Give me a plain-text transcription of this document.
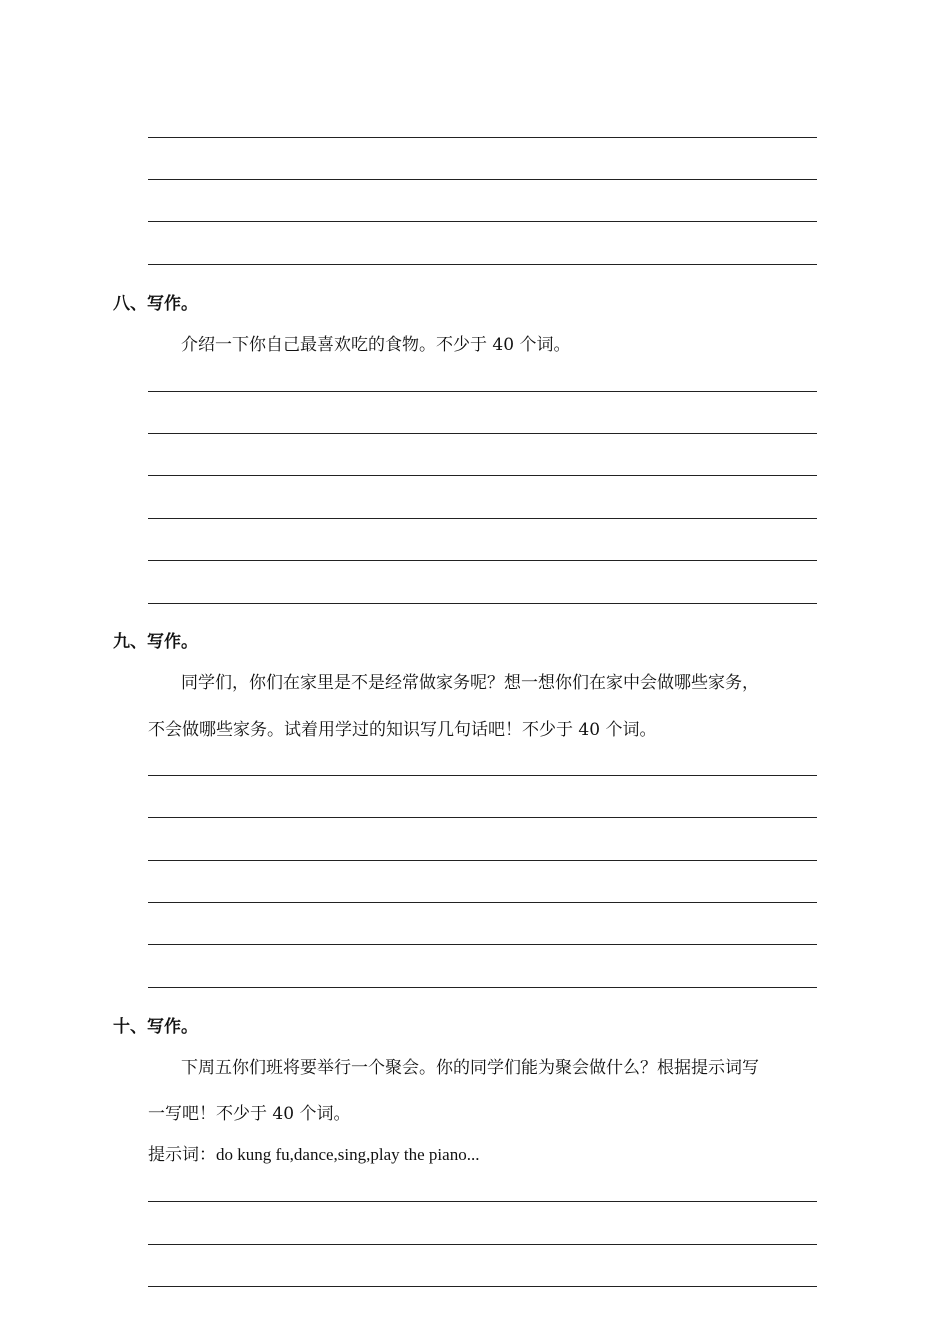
八、写作。
介绍一下你自己最喜欢吃的食物。不少于 40 个词。
九、写作。
同学们，你们在家里是不是经常做家务呢？想一想你们在家中会做哪些家务，
不会做哪些家务。试着用学过的知识写几句话吧！不少于 40 个词。
十、写作。
下周五你们班将要举行一个聚会。你的同学们能为聚会做什么？根据提示词写
一写吧！不少于 40 个词。
提示词：do kung fu,dance,sing,play the piano...
